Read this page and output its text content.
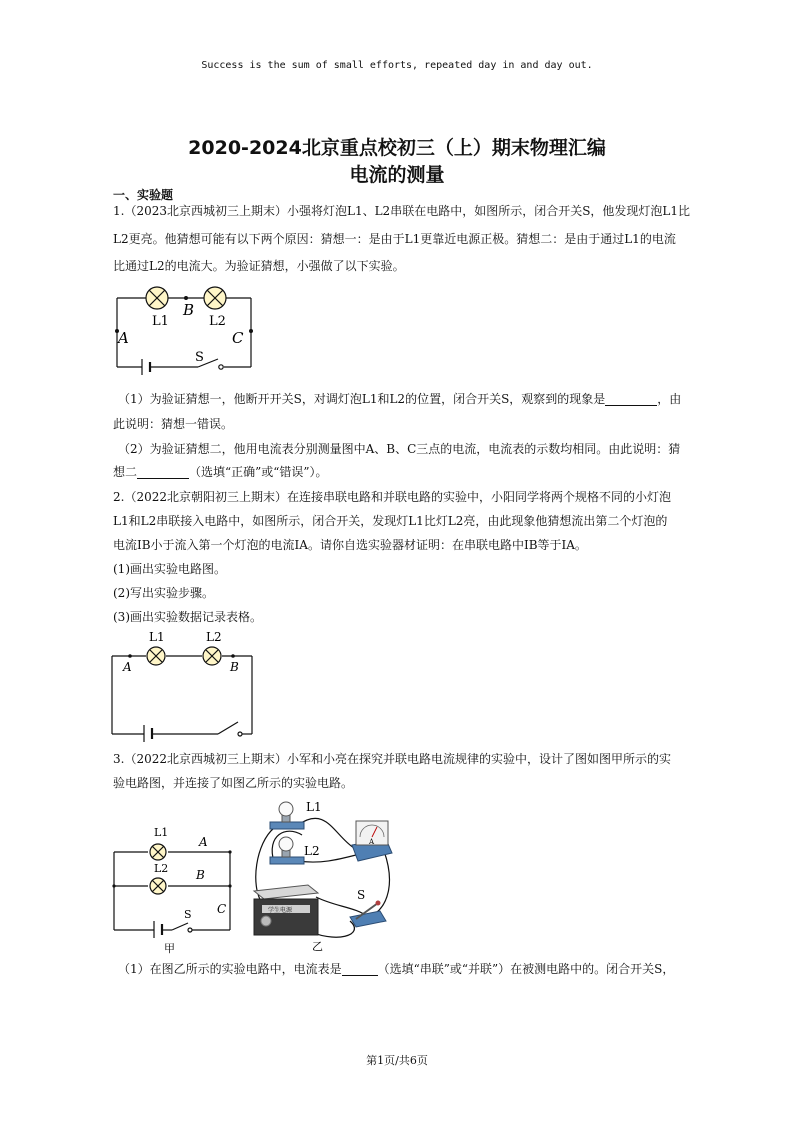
Success is the sum of small efforts, repeated day in and day out.
2020-2024北京重点校初三（上）期末物理汇编
电流的测量
一、实验题
1.（2023北京西城初三上期末）小强将灯泡L1、L2串联在电路中，如图所示，闭合开关S，他发现灯泡L1比
L2更亮。他猜想可能有以下两个原因：猜想一：是由于L1更靠近电源正极。猜想二：是由于通过L1的电流
比通过L2的电流大。为验证猜想，小强做了以下实验。
L1	L2
B
A	C
S
（1）为验证猜想一，他断开开关S，对调灯泡L1和L2的位置，闭合开关S，观察到的现象是	，由
此说明：猜想一错误。
（2）为验证猜想二，他用电流表分别测量图中A、B、C三点的电流，电流表的示数均相同。由此说明：猜
想二	（选填“正确”或“错误”）。
2.（2022北京朝阳初三上期末）在连接串联电路和并联电路的实验中，小阳同学将两个规格不同的小灯泡
L1和L2串联接入电路中，如图所示，闭合开关，发现灯L1比灯L2亮，由此现象他猜想流出第二个灯泡的
电流IB小于流入第一个灯泡的电流IA。请你自选实验器材证明：在串联电路中IB等于IA。
(1)画出实验电路图。
(2)写出实验步骤。
(3)画出实验数据记录表格。
L1	L2
A	B
3.（2022北京西城初三上期末）小军和小亮在探究并联电路电流规律的实验中，设计了图如图甲所示的实
验电路图，并连接了如图乙所示的实验电路。
L1
L2
A
B
C
S
甲
A
学生电源
L1
L2
S
乙
（1）在图乙所示的实验电路中，电流表是	（选填“串联”或“并联”）在被测电路中的。闭合开关S，
第1页/共6页
